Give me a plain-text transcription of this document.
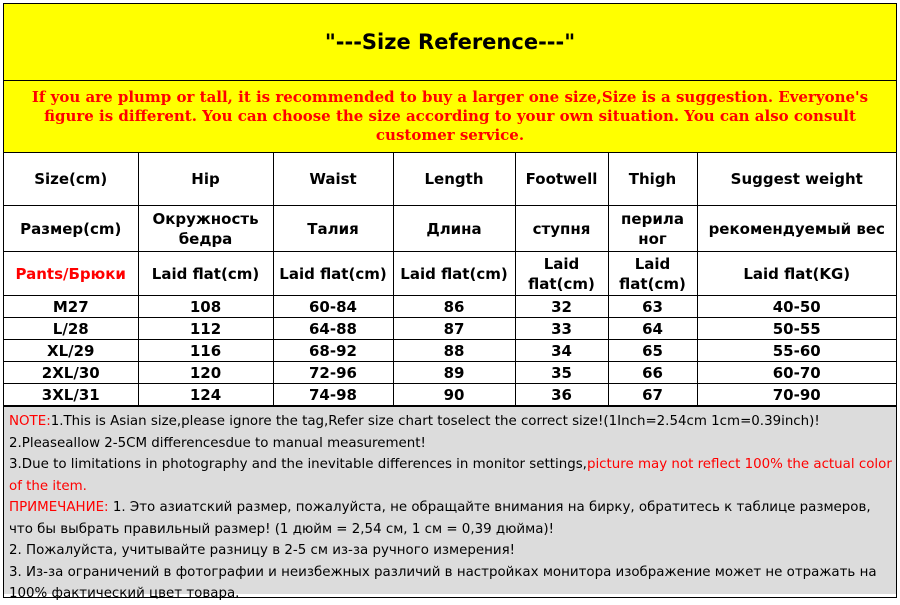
"---Size Reference---"
If you are plump or tall, it is recommended to buy a larger one size,Size is a suggestion. Everyone's figure is different. You can choose the size according to your own situation. You can also consult customer service.
Size(cm)	Hip	Waist	Length	Footwell	Thigh	Suggest weight
Размер(cm)	Окружность бедра	Талия	Длина	ступня	перила ног	рекомендуемый вес
Pants/Брюки	Laid flat(cm)	Laid flat(cm)	Laid flat(cm)	Laid flat(cm)	Laid flat(cm)	Laid flat(KG)
M27	108	60-84	86	32	63	40-50
L/28	112	64-88	87	33	64	50-55
XL/29	116	68-92	88	34	65	55-60
2XL/30	120	72-96	89	35	66	60-70
3XL/31	124	74-98	90	36	67	70-90

NOTE:1.This is Asian size,please ignore the tag,Refer size chart toselect the correct size!(1Inch=2.54cm 1cm=0.39inch)!

2.Pleaseallow 2-5CM differencesdue to manual measurement!

3.Due to limitations in photography and the inevitable differences in monitor settings,picture may not reflect 100% the actual color of the item.

ПРИМЕЧАНИЕ: 1. Это азиатский размер, пожалуйста, не обращайте внимания на бирку, обратитесь к таблице размеров, что бы выбрать правильный размер! (1 дюйм = 2,54 см, 1 см = 0,39 дюйма)!

2. Пожалуйста, учитывайте разницу в 2-5 см из-за ручного измерения!

3. Из-за ограничений в фотографии и неизбежных различий в настройках монитора изображение может не отражать на 100% фактический цвет товара.
